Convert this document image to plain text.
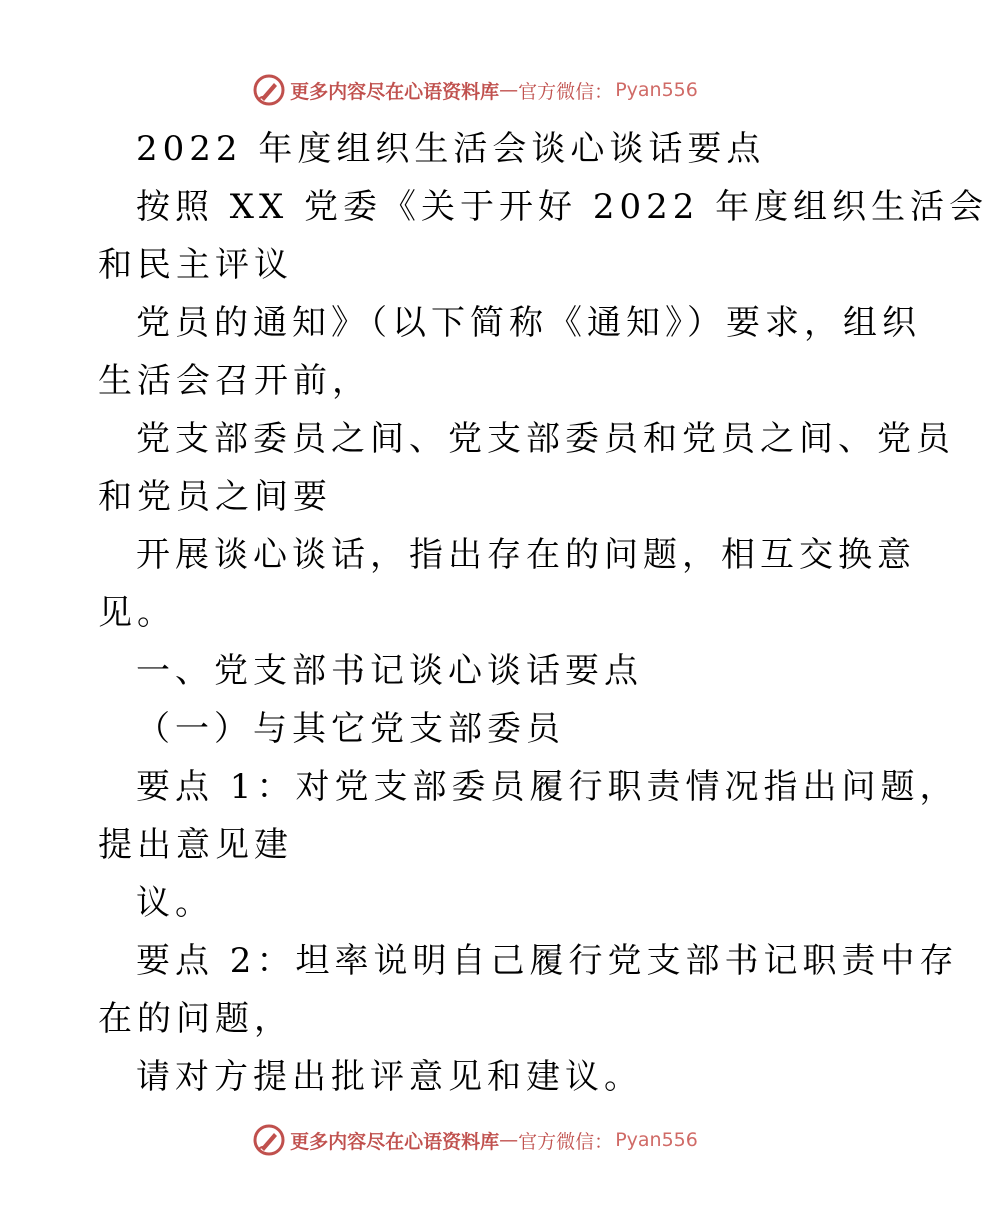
更多内容尽在心语资料库 — 官方微信： Pyan556
2022 年度组织生活会谈心谈话要点
按照 XX 党委《关于开好 2022 年度组织生活会
和民主评议
党员的通知》（以下简称《通知》）要求，组织
生活会召开前，
党支部委员之间、党支部委员和党员之间、党员
和党员之间要
开展谈心谈话，指出存在的问题，相互交换意
见。
一、党支部书记谈心谈话要点
（一）与其它党支部委员
要点 1：对党支部委员履行职责情况指出问题，
提出意见建
议。
要点 2：坦率说明自己履行党支部书记职责中存
在的问题，
请对方提出批评意见和建议。
更多内容尽在心语资料库 — 官方微信： Pyan556
